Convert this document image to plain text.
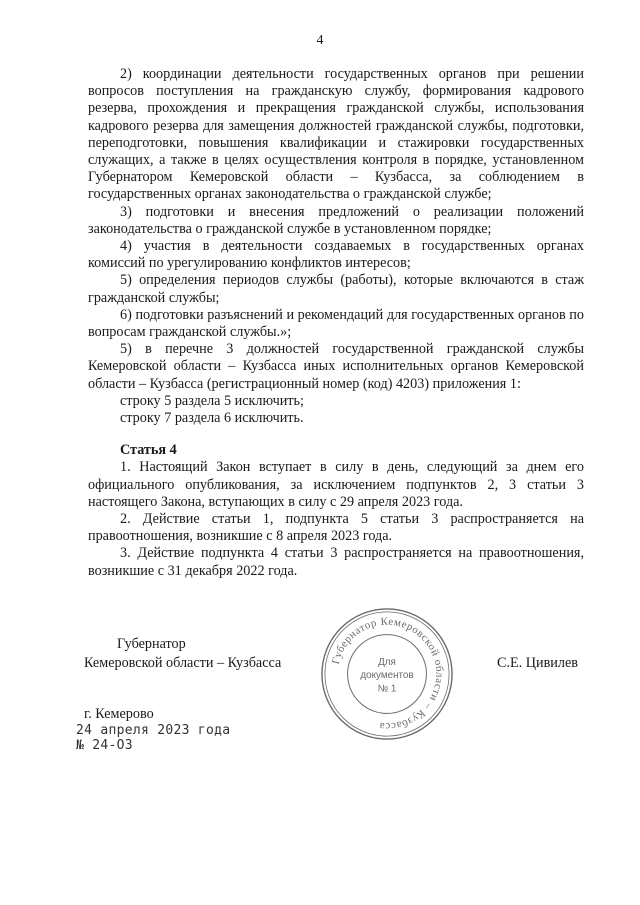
4

2) координации деятельности государственных органов при решении вопросов поступления на гражданскую службу, формирования кадрового резерва, прохождения и прекращения гражданской службы, использования кадрового резерва для замещения должностей гражданской службы, подготовки, переподготовки, повышения квалификации и стажировки государственных служащих, а также в целях осуществления контроля в порядке, установленном Губернатором Кемеровской области – Кузбасса, за соблюдением в государственных органах законодательства о гражданской службе;

3) подготовки и внесения предложений о реализации положений законодательства о гражданской службе в установленном порядке;

4) участия в деятельности создаваемых в государственных органах комиссий по урегулированию конфликтов интересов;

5) определения периодов службы (работы), которые включаются в стаж гражданской службы;

6) подготовки разъяснений и рекомендаций для государственных органов по вопросам гражданской службы.»;

5) в перечне 3 должностей государственной гражданской службы Кемеровской области – Кузбасса иных исполнительных органов Кемеровской области – Кузбасса (регистрационный номер (код) 4203) приложения 1:

строку 5 раздела 5 исключить;

строку 7 раздела 6 исключить.

Статья 4

1. Настоящий Закон вступает в силу в день, следующий за днем его официального опубликования, за исключением подпунктов 2, 3 статьи 3 настоящего Закона, вступающих в силу с 29 апреля 2023 года.

2. Действие статьи 1, подпункта 5 статьи 3 распространяется на правоотношения, возникшие с 8 апреля 2023 года.

3. Действие подпункта 4 статьи 3 распространяется на правоотношения, возникшие с 31 декабря 2022 года.

Губернатор
Кемеровской области – Кузбасса	С.Е. Цивилев
Губернатор Кемеровской области – Кузбасса
Для
документов
№ 1
г. Кемерово
24 апреля 2023 года
№ 24-ОЗ
